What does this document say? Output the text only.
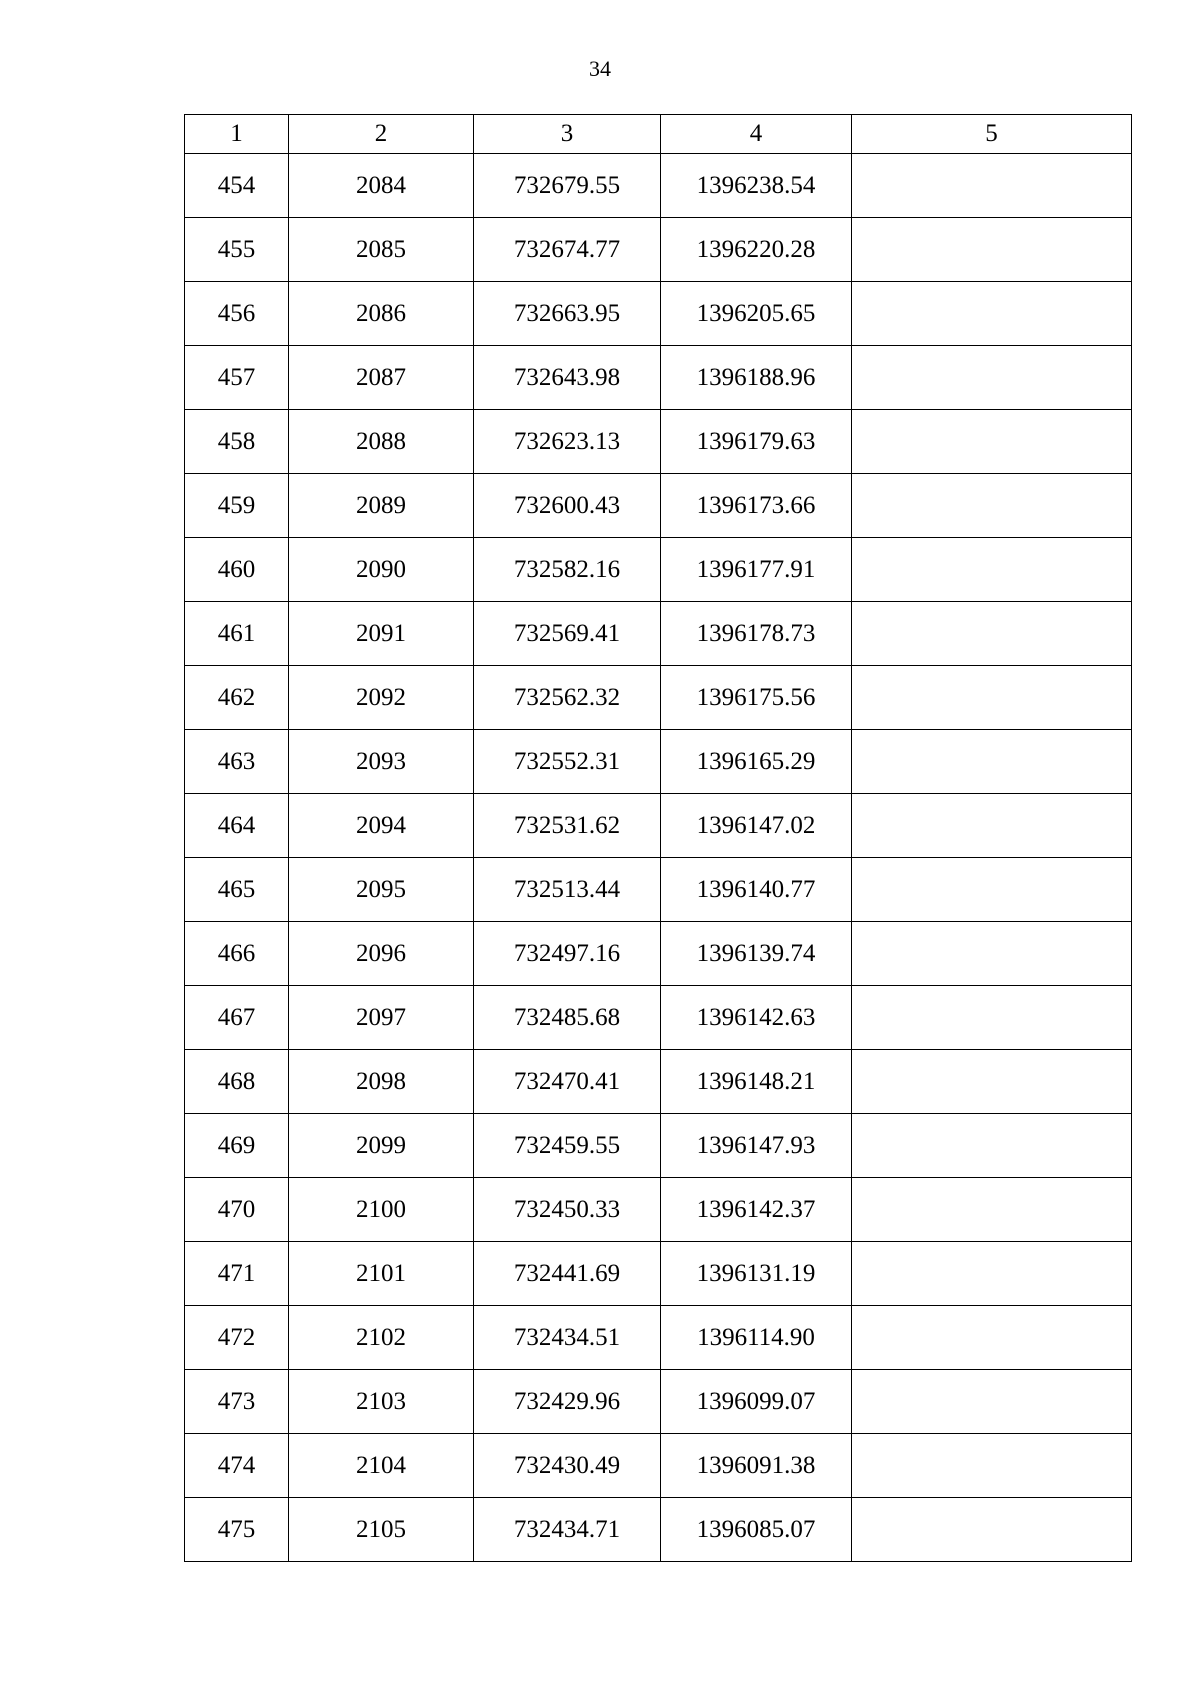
34
1	2	3	4	5
454	2084	732679.55	1396238.54	
455	2085	732674.77	1396220.28	
456	2086	732663.95	1396205.65	
457	2087	732643.98	1396188.96	
458	2088	732623.13	1396179.63	
459	2089	732600.43	1396173.66	
460	2090	732582.16	1396177.91	
461	2091	732569.41	1396178.73	
462	2092	732562.32	1396175.56	
463	2093	732552.31	1396165.29	
464	2094	732531.62	1396147.02	
465	2095	732513.44	1396140.77	
466	2096	732497.16	1396139.74	
467	2097	732485.68	1396142.63	
468	2098	732470.41	1396148.21	
469	2099	732459.55	1396147.93	
470	2100	732450.33	1396142.37	
471	2101	732441.69	1396131.19	
472	2102	732434.51	1396114.90	
473	2103	732429.96	1396099.07	
474	2104	732430.49	1396091.38	
475	2105	732434.71	1396085.07	
